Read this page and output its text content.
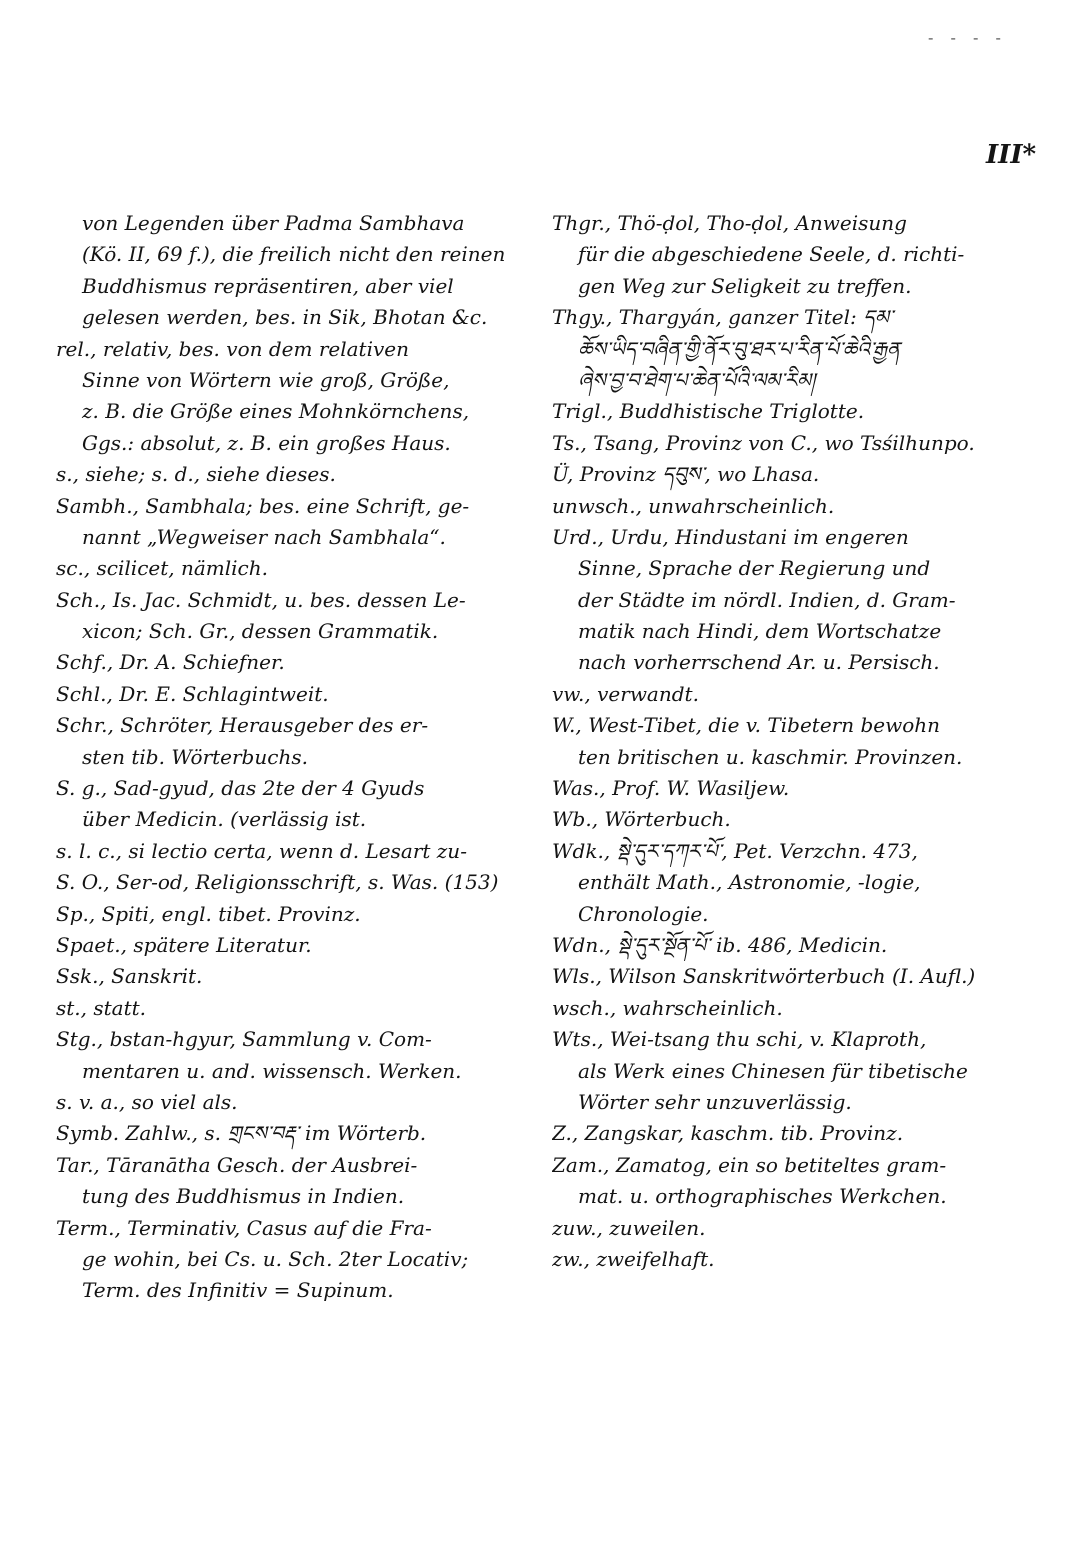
- - - -
III*
von Legenden über Padma Sambhava
(Kö. II, 69 f.), die freilich nicht den reinen
Buddhismus repräsentiren, aber viel
gelesen werden, bes. in Sik, Bhotan &c.
rel., relativ, bes. von dem relativen
Sinne von Wörtern wie groß, Größe,
z. B. die Größe eines Mohnkörnchens,
Ggs.: absolut, z. B. ein großes Haus.
s., siehe; s. d., siehe dieses.
Sambh., Sambhala; bes. eine Schrift, ge-
nannt „Wegweiser nach Sambhala“.
sc., scilicet, nämlich.
Sch., Is. Jac. Schmidt, u. bes. dessen Le-
xicon; Sch. Gr., dessen Grammatik.
Schf., Dr. A. Schiefner.
Schl., Dr. E. Schlagintweit.
Schr., Schröter, Herausgeber des er-
sten tib. Wörterbuchs.
S. g., Sad-gyud, das 2te der 4 Gyuds
über Medicin. (verlässig ist.
s. l. c., si lectio certa, wenn d. Lesart zu-
S. O., Ser-od, Religionsschrift, s. Was. (153)
Sp., Spiti, engl. tibet. Provinz.
Spaet., spätere Literatur.
Ssk., Sanskrit.
st., statt.
Stg., bstan-hgyur, Sammlung v. Com-
mentaren u. and. wissensch. Werken.
s. v. a., so viel als.
Symb. Zahlw., s. གྲངས་བརྡ་ im Wörterb.
Tar., Tāranātha Gesch. der Ausbrei-
tung des Buddhismus in Indien.
Term., Terminativ, Casus auf die Fra-
ge wohin, bei Cs. u. Sch. 2ter Locativ;
Term. des Infinitiv = Supinum.
Thgr., Thö-ḍol, Tho-ḍol, Anweisung
für die abgeschiedene Seele, d. richti-
gen Weg zur Seligkeit zu treffen.
Thgy., Thargyán, ganzer Titel: དམ་
ཆོས་ཡིད་བཞིན་གྱི་ནོར་བུ་ཐར་པ་རིན་པོ་ཆེའི་རྒྱན
ཞེས་བྱ་བ་ཐེག་པ་ཆེན་པོའི་ལམ་རིམ།
Trigl., Buddhistische Triglotte.
Ts., Tsang, Provinz von C., wo Tsśilhunpo.
Ü, Provinz དབུས་, wo Lhasa.
unwsch., unwahrscheinlich.
Urd., Urdu, Hindustani im engeren
Sinne, Sprache der Regierung und
der Städte im nördl. Indien, d. Gram-
matik nach Hindi, dem Wortschatze
nach vorherrschend Ar. u. Persisch.
vw., verwandt.
W., West-Tibet, die v. Tibetern bewohn
ten britischen u. kaschmir. Provinzen.
Was., Prof. W. Wasiljew.
Wb., Wörterbuch.
Wdk., སྡེ་དུར་དཀར་པོ་, Pet. Verzchn. 473,
enthält Math., Astronomie, -logie,
Chronologie.
Wdn., སྡེ་དུར་སྔོན་པོ་ ib. 486, Medicin.
Wls., Wilson Sanskritwörterbuch (I. Aufl.)
wsch., wahrscheinlich.
Wts., Wei-tsang thu schi, v. Klaproth,
als Werk eines Chinesen für tibetische
Wörter sehr unzuverlässig.
Z., Zangskar, kaschm. tib. Provinz.
Zam., Zamatog, ein so betiteltes gram-
mat. u. orthographisches Werkchen.
zuw., zuweilen.
zw., zweifelhaft.
